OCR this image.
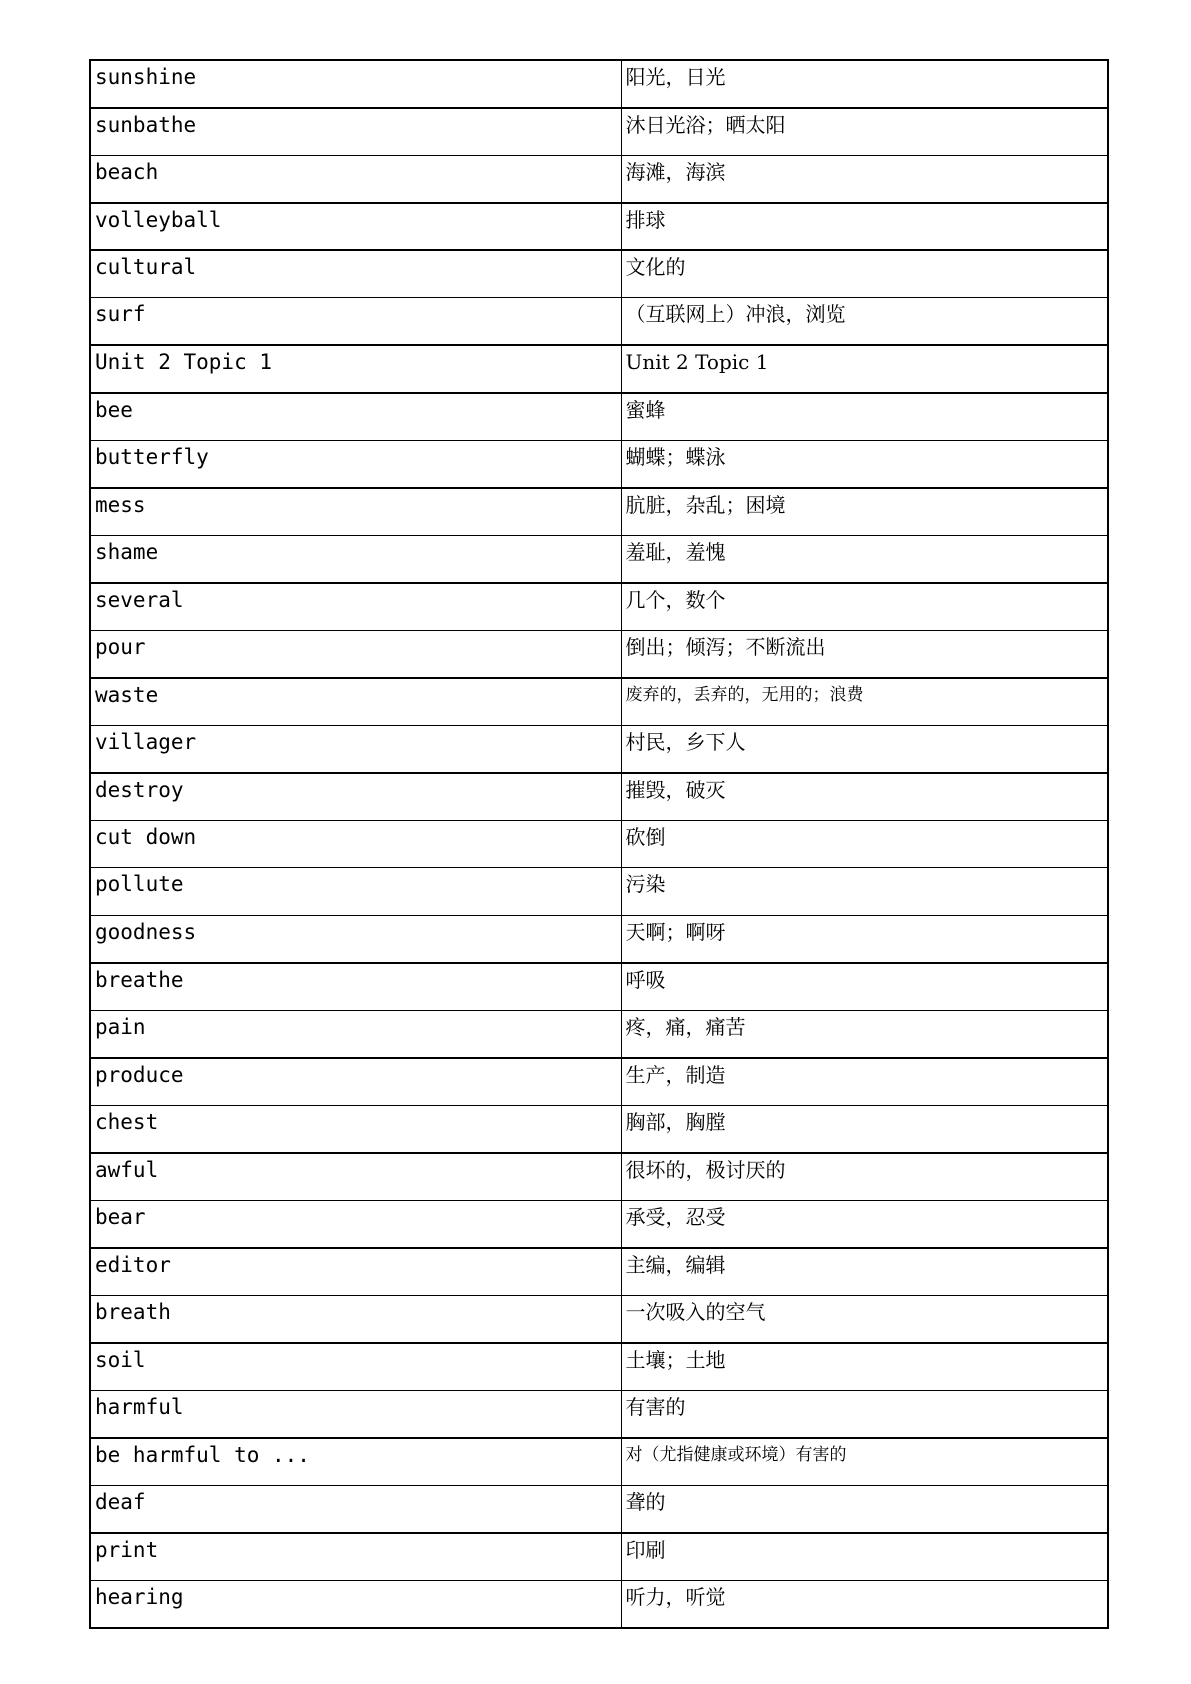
sunshine	阳光，日光
sunbathe	沐日光浴；晒太阳
beach	海滩，海滨
volleyball	排球
cultural	文化的
surf	（互联网上）冲浪，浏览
Unit 2 Topic 1	Unit 2 Topic 1
bee	蜜蜂
butterfly	蝴蝶；蝶泳
mess	肮脏，杂乱；困境
shame	羞耻，羞愧
several	几个，数个
pour	倒出；倾泻；不断流出
waste	废弃的，丢弃的，无用的；浪费
villager	村民，乡下人
destroy	摧毁，破灭
cut down	砍倒
pollute	污染
goodness	天啊；啊呀
breathe	呼吸
pain	疼，痛，痛苦
produce	生产，制造
chest	胸部，胸膛
awful	很坏的，极讨厌的
bear	承受，忍受
editor	主编，编辑
breath	一次吸入的空气
soil	土壤；土地
harmful	有害的
be harmful to ...	对（尤指健康或环境）有害的
deaf	聋的
print	印刷
hearing	听力，听觉
